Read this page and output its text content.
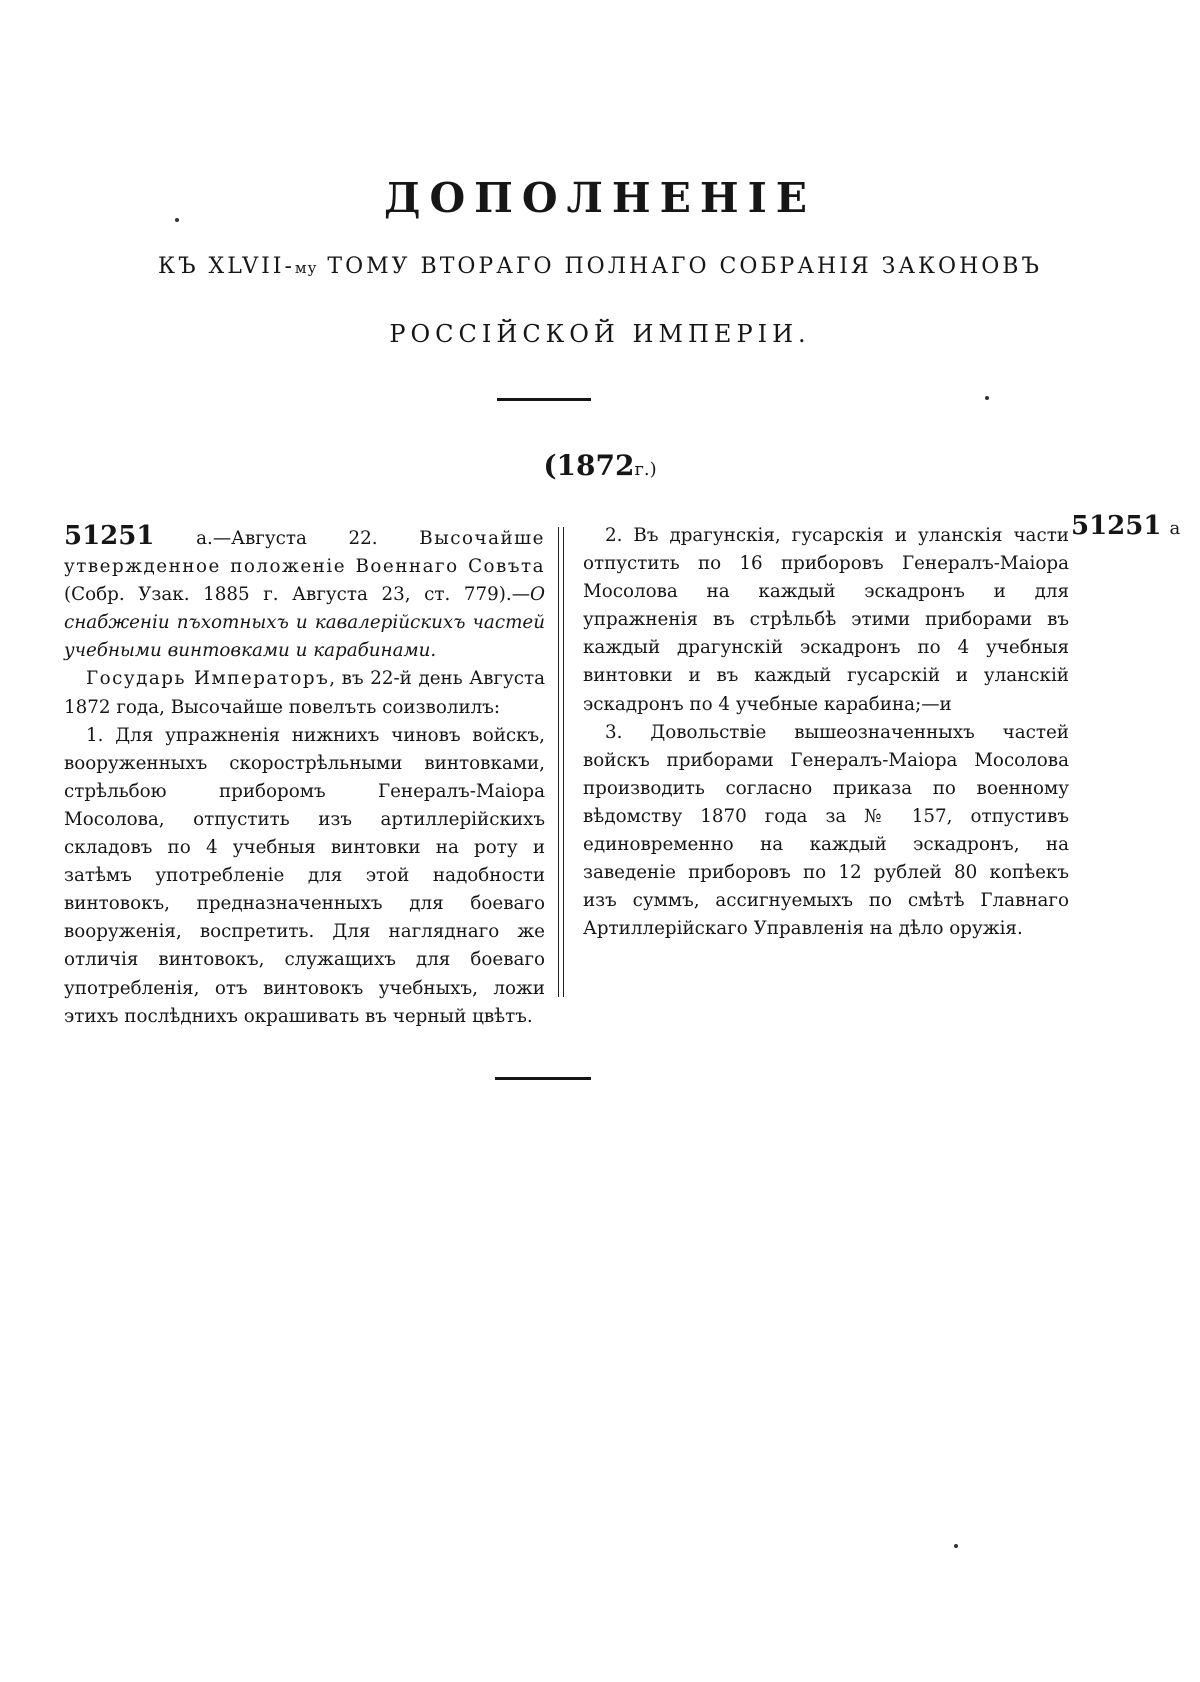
ДОПОЛНЕНІЕ
КЪ XLVII-му ТОМУ ВТОРАГО ПОЛНАГО СОБРАНІЯ ЗАКОНОВЪ
РОССІЙСКОЙ ИМПЕРІИ.
(1872г.)

51251 а.—Августа 22. Высочайше утвержденное положеніе Военнаго Совъта (Собр. Узак. 1885 г. Августа 23, ст. 779).—О снабженіи пъхотныхъ и кавалерійскихъ частей учебными винтовками и карабинами.

Государь Императоръ, въ 22-й день Августа 1872 года, Высочайше повелъть соизволилъ:

1. Для упражненія нижнихъ чиновъ войскъ, вооруженныхъ скорострѣльными винтовками, стрѣльбою приборомъ Генералъ-Маіора Мосолова, отпустить изъ артиллерійскихъ складовъ по 4 учебныя винтовки на роту и затѣмъ употребленіе для этой надобности винтовокъ, предназначенныхъ для боеваго вооруженія, воспретить. Для нагляднаго же отличія винтовокъ, служащихъ для боеваго употребленія, отъ винтовокъ учебныхъ, ложи этихъ послѣднихъ окрашивать въ черный цвѣтъ.

2. Въ драгунскія, гусарскія и уланскія части отпустить по 16 приборовъ Генералъ-Маіора Мосолова на каждый эскадронъ и для упражненія въ стрѣльбѣ этими приборами въ каждый драгунскій эскадронъ по 4 учебныя винтовки и въ каждый гусарскій и уланскій эскадронъ по 4 учебные карабина;—и

3. Довольствіе вышеозначенныхъ частей войскъ приборами Генералъ-Маіора Мосолова производить согласно приказа по военному вѣдомству 1870 года за № 157, отпустивъ единовременно на каждый эскадронъ, на заведеніе приборовъ по 12 рублей 80 копѣекъ изъ суммъ, ассигнуемыхъ по смѣтѣ Главнаго Артиллерійскаго Управленія на дѣло оружія.

51251 а
